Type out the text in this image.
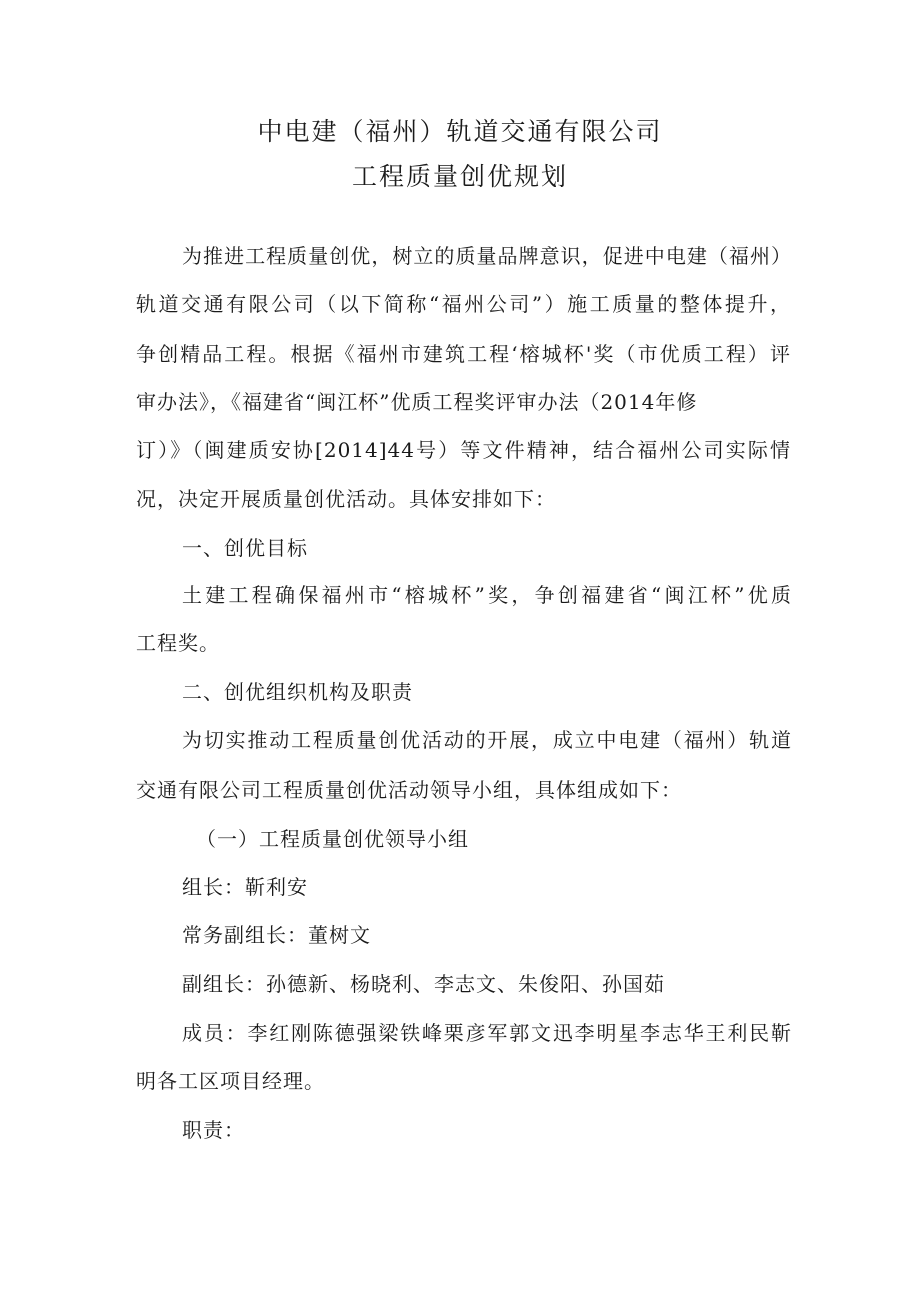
中电建（福州）轨道交通有限公司
工程质量创优规划
为推进工程质量创优，树立的质量品牌意识，促进中电建（福州）
轨道交通有限公司（以下简称“福州公司”）施工质量的整体提升，
争创精品工程。根据《福州市建筑工程‘榕城杯'奖（市优质工程）评
审办法》，《福建省“闽江杯”优质工程奖评审办法（2014年修
订）》（闽建质安协[2014]44号）等文件精神，结合福州公司实际情
况，决定开展质量创优活动。具体安排如下：
一、创优目标
土建工程确保福州市“榕城杯”奖，争创福建省“闽江杯”优质
工程奖。
二、创优组织机构及职责
为切实推动工程质量创优活动的开展，成立中电建（福州）轨道
交通有限公司工程质量创优活动领导小组，具体组成如下：
（一）工程质量创优领导小组
组长：靳利安
常务副组长：董树文
副组长：孙德新、杨晓利、李志文、朱俊阳、孙国茹
成员：李红刚陈德强梁铁峰栗彦军郭文迅李明星李志华王利民靳
明各工区项目经理。
职责：
